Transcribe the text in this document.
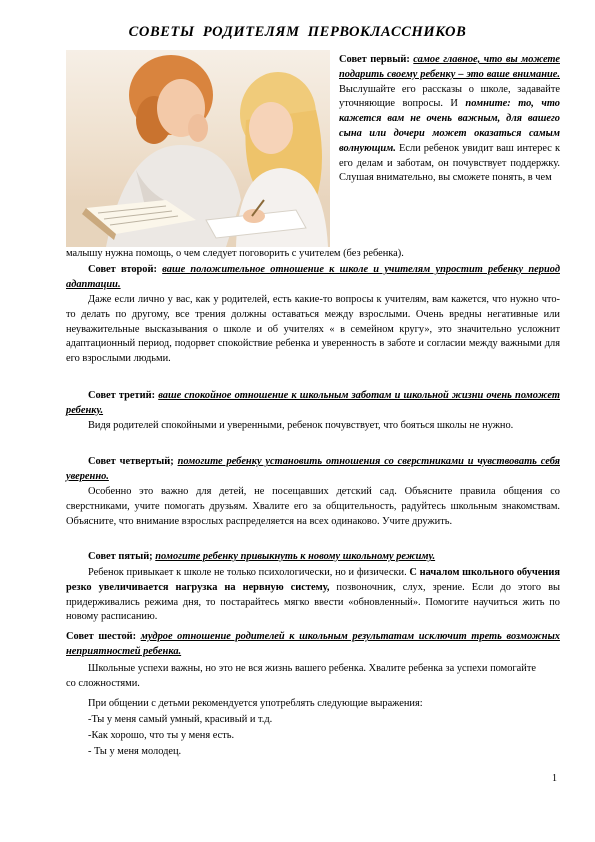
СОВЕТЫ РОДИТЕЛЯМ ПЕРВОКЛАССНИКОВ

Совет первый: самое главное, что вы можете подарить своему ребенку – это ваше внимание. Выслушайте его рассказы о школе, задавайте уточняющие вопросы. И помните: то, что кажется вам не очень важным, для вашего сына или дочери может оказаться самым волнующим. Если ребенок увидит ваш интерес к его делам и заботам, он почувствует поддержку. Слушая внимательно, вы сможете понять, в чем

малышу нужна помощь, о чем следует поговорить с учителем (без ребенка).

Совет второй: ваше положительное отношение к школе и учителям упростит ребенку период адаптации.

Даже если лично у вас, как у родителей, есть какие-то вопросы к учителям, вам кажется, что нужно что-то делать по другому, все трения должны оставаться между взрослыми. Очень вредны негативные или неуважительные высказывания о школе и об учителях « в семейном кругу», это значительно усложнит адаптационный период, подорвет спокойствие ребенка и уверенность в заботе и согласии между важными для его взрослыми людьми.

Совет третий: ваше спокойное отношение к школьным заботам и школьной жизни очень поможет ребенку.

Видя родителей спокойными и уверенными, ребенок почувствует, что бояться школы не нужно.

Совет четвертый; помогите ребенку установить отношения со сверстниками и чувствовать себя уверенно.

Особенно это важно для детей, не посещавших детский сад. Объясните правила общения со сверстниками, учите помогать друзьям. Хвалите его за общительность, радуйтесь школьным знакомствам. Объясните, что внимание взрослых распределяется на всех одинаково. Учите дружить.

Совет пятый; помогите ребенку привыкнуть к новому школьному режиму.

Ребенок привыкает к школе не только психологически, но и физически. С началом школьного обучения резко увеличивается нагрузка на нервную систему, позвоночник, слух, зрение. Если до этого вы придерживались режима дня, то постарайтесь мягко ввести «обновленный». Помогите научиться жить по новому расписанию.

Совет шестой: мудрое отношение родителей к школьным результатам исключит треть возможных неприятностей ребенка.

Школьные успехи важны, но это не вся жизнь вашего ребенка. Хвалите ребенка за успехи помогайте со сложностями.

При общении с детьми рекомендуется употреблять следующие выражения:

-Ты у меня самый умный, красивый и т.д.

-Как хорошо, что ты у меня есть.

- Ты у меня молодец.

1
